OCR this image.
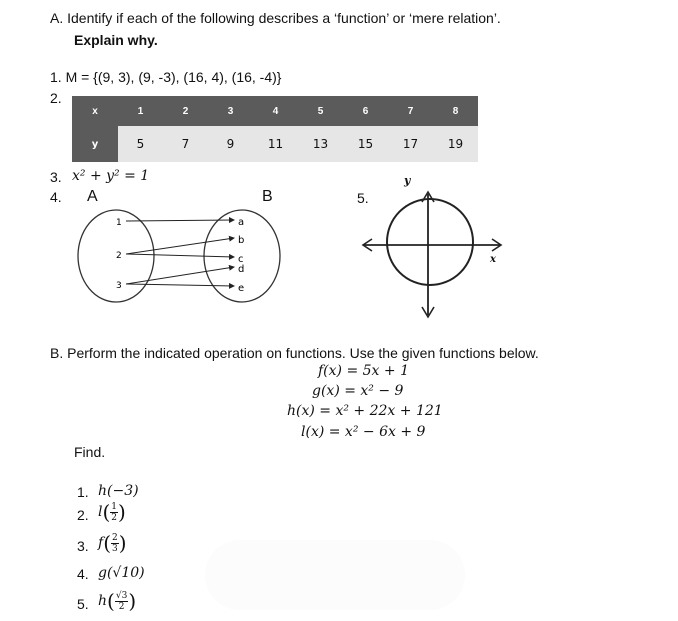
A. Identify if each of the following describes a ‘function’ or ‘mere relation’.
Explain why.
1. M = {(9, 3), (9, -3), (16, 4), (16, -4)}
2.
x	1	2	3	4	5	6	7	8
y	5	7	9	11	13	15	17	19
3. x² + y² = 1
4.	5.
A	B
1
2
3
a
b
c
d
e
y
x
B. Perform the indicated operation on functions. Use the given functions below.
f(x) = 5x + 1
g(x) = x² − 9
h(x) = x² + 22x + 121
l(x) = x² − 6x + 9
Find.
1. h(−3)
2. $l( \frac{1}{2}$ )
3. $f( \frac{2}{3}$ )
4. g(√10)
5. $h( \frac{√3}{2}$ )
